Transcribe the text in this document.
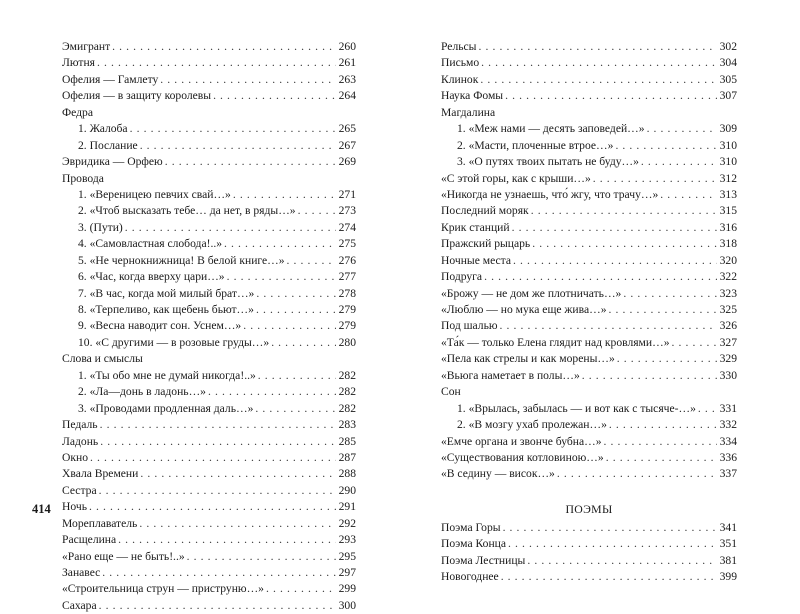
Эмигрант . . .	260
Лютня . . .	261
Офелия — Гамлету . . .	263
Офелия — в защиту королевы . . .	264
Федра
1. Жалоба . . .	265
2. Послание . . .	267
Эвридика — Орфею . . .	269
Провода
1. «Вереницею певчих свай…» . . .	271
2. «Чтоб высказать тебе… да нет, в ряды…» . . .	273
3. (Пути) . . .	274
4. «Самовластная слобода!..» . . .	275
5. «Не чернокнижница! В белой книге…» . . .	276
6. «Час, когда вверху цари…» . . .	277
7. «В час, когда мой милый брат…» . . .	278
8. «Терпеливо, как щебень бьют…» . . .	279
9. «Весна наводит сон. Уснем…» . . .	279
10. «С другими — в розовые груды…» . . .	280
Слова и смыслы
1. «Ты обо мне не думай никогда!..» . . .	282
2. «Ла—донь в ладонь…» . . .	282
3. «Проводами продленная даль…» . . .	282
Педаль . . .	283
Ладонь . . .	285
Окно . . .	287
Хвала Времени . . .	288
Сестра . . .	290
Ночь . . .	291
Мореплаватель . . .	292
Расщелина . . .	293
«Рано еще — не быть!..» . . .	295
Занавес . . .	297
«Строительница струн — приструню…» . . .	299
Сахара . . .	300
Рельсы . . .	302
Письмо . . .	304
Клинок . . .	305
Наука Фомы . . .	307
Магдалина
1. «Меж нами — десять заповедей…» . . .	309
2. «Масти, плоченные втрое…» . . .	310
3. «О путях твоих пытать не буду…» . . .	310
«С этой горы, как с крыши…» . . .	312
«Никогда не узнаешь, что́ жгу, что трачу…» . . .	313
Последний моряк . . .	315
Крик станций . . .	316
Пражский рыцарь . . .	318
Ночные места . . .	320
Подруга . . .	322
«Брожу — не дом же плотничать…» . . .	323
«Люблю — но мука еще жива…» . . .	325
Под шалью . . .	326
«Та́к — только Елена глядит над кровлями…» . . .	327
«Пела как стрелы и как морены…» . . .	329
«Вьюга наметает в полы…» . . .	330
Сон
1. «Врылась, забылась — и вот как с тысяче-…» . . . 331
2. «В мозгу ухаб пролежан…» . . .	332
«Емче органа и звонче бубна…» . . .	334
«Существования котловиною…» . . .	336
«В седину — висок…» . . .	337
ПОЭМЫ
Поэма Горы . . .	341
Поэма Конца . . .	351
Поэма Лестницы . . .	381
Новогоднее . . .	399
414
